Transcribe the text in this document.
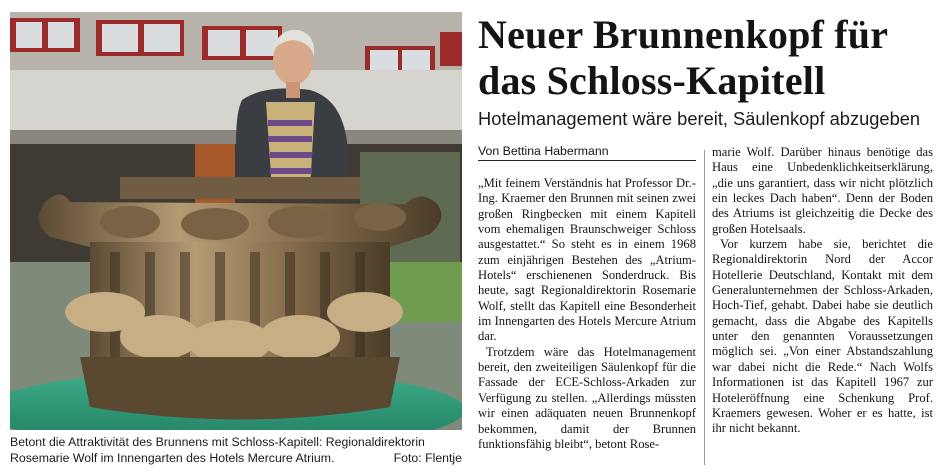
Betont die Attraktivität des Brunnens mit Schloss-Kapitell: Regionaldirektorin
Rosemarie Wolf im Innengarten des Hotels Mercure Atrium.	Foto: Flentje
Neuer Brunnenkopf für
das Schloss-Kapitell
Hotelmanagement wäre bereit, Säulenkopf abzugeben
Von Bettina Habermann

„Mit feinem Verständnis hat Professor Dr.-Ing. Kraemer den Brunnen mit seinen zwei großen Ringbecken mit einem Kapitell vom ehemaligen Braunschweiger Schloss ausgestattet.“ So steht es in einem 1968 zum einjährigen Bestehen des „Atrium-Hotels“ erschienenen Sonderdruck. Bis heute, sagt Regionaldirektorin Rosemarie Wolf, stellt das Kapitell eine Besonderheit im Innengarten des Hotels Mercure Atrium dar.

Trotzdem wäre das Hotelmanagement bereit, den zweiteiligen Säulenkopf für die Fassade der ECE-Schloss-Arkaden zur Verfügung zu stellen. „Allerdings müssten wir einen adäquaten neuen Brunnenkopf bekommen, damit der Brunnen funktionsfähig bleibt“, betont Rose-

marie Wolf. Darüber hinaus benötige das Haus eine Unbedenklichkeitserklärung, „die uns garantiert, dass wir nicht plötzlich ein leckes Dach haben“. Denn der Boden des Atriums ist gleichzeitig die Decke des großen Hotelsaals.

Vor kurzem habe sie, berichtet die Regionaldirektorin Nord der Accor Hotellerie Deutschland, Kontakt mit dem Generalunternehmen der Schloss-Arkaden, Hoch-Tief, gehabt. Dabei habe sie deutlich gemacht, dass die Abgabe des Kapitells unter den genannten Voraussetzungen möglich sei. „Von einer Abstandszahlung war dabei nicht die Rede.“ Nach Wolfs Informationen ist das Kapitell 1967 zur Hoteleröffnung eine Schenkung Prof. Kraemers gewesen. Woher er es hatte, ist ihr nicht bekannt.
